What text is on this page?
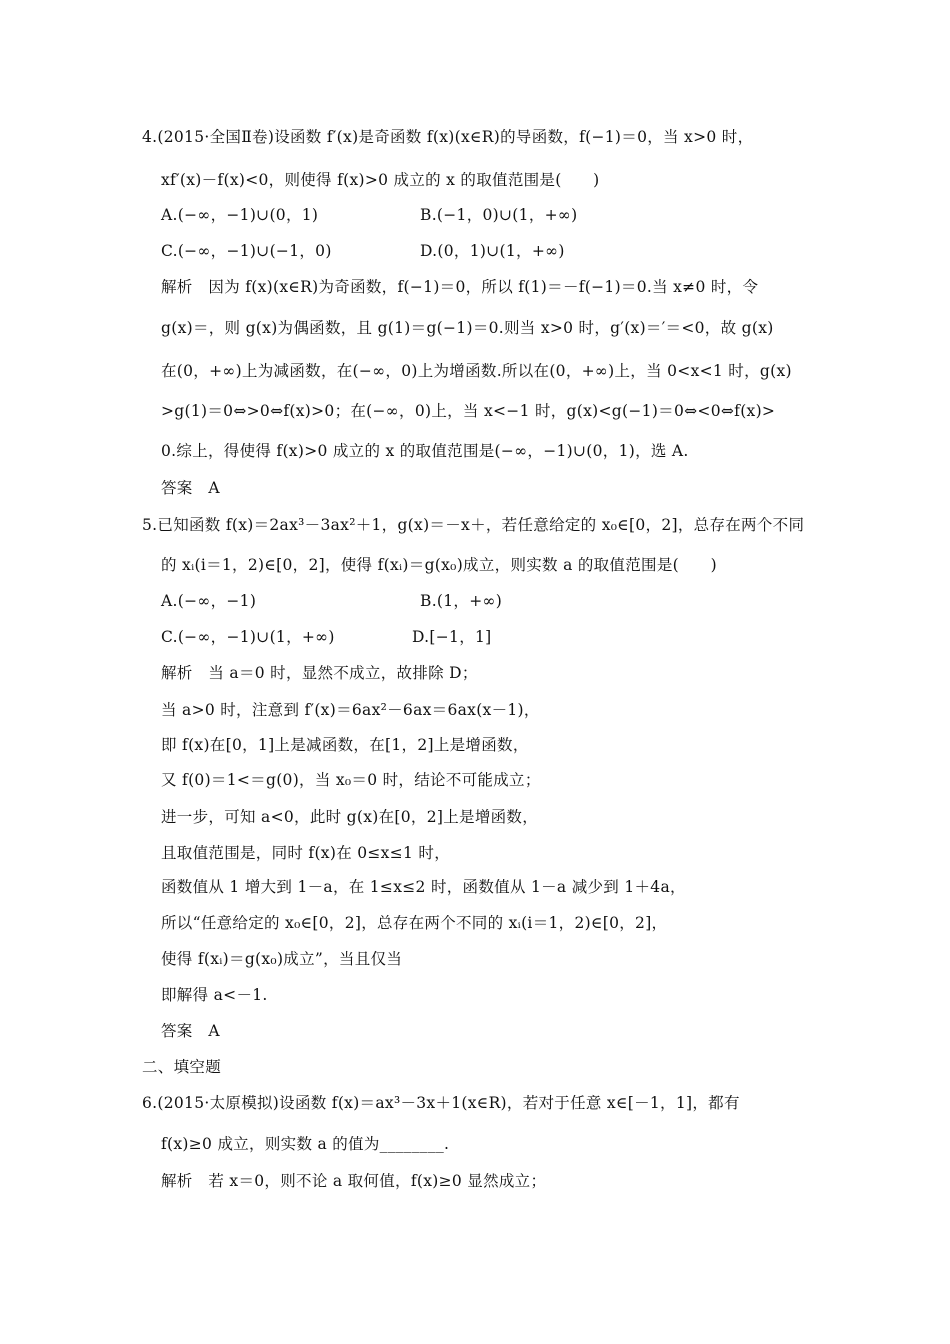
4.(2015·全国Ⅱ卷)设函数 f′(x)是奇函数 f(x)(x∈R)的导函数，f(−1)＝0，当 x>0 时，
xf′(x)－f(x)<0，则使得 f(x)>0 成立的 x 的取值范围是(　　)
A.(−∞，−1)∪(0，1)	B.(−1，0)∪(1，+∞)
C.(−∞，−1)∪(−1，0)	D.(0，1)∪(1，+∞)
解析　因为 f(x)(x∈R)为奇函数，f(−1)＝0，所以 f(1)＝－f(−1)＝0.当 x≠0 时，令
g(x)＝，则 g(x)为偶函数，且 g(1)＝g(−1)＝0.则当 x>0 时，g′(x)＝′＝<0，故 g(x)
在(0，+∞)上为减函数，在(−∞，0)上为增函数.所以在(0，+∞)上，当 0<x<1 时，g(x)
>g(1)＝0⇔>0⇔f(x)>0；在(−∞，0)上，当 x<−1 时，g(x)<g(−1)＝0⇔<0⇔f(x)>
0.综上，得使得 f(x)>0 成立的 x 的取值范围是(−∞，−1)∪(0，1)，选 A.
答案　A
5.已知函数 f(x)＝2ax³－3ax²＋1，g(x)＝－x＋，若任意给定的 x₀∈[0，2]，总存在两个不同
的 xᵢ(i＝1，2)∈[0，2]，使得 f(xᵢ)＝g(x₀)成立，则实数 a 的取值范围是(　　)
A.(−∞，−1)	B.(1，+∞)
C.(−∞，−1)∪(1，+∞)	D.[−1，1]
解析　当 a＝0 时，显然不成立，故排除 D；
当 a>0 时，注意到 f′(x)＝6ax²－6ax＝6ax(x－1)，
即 f(x)在[0，1]上是减函数，在[1，2]上是增函数，
又 f(0)＝1<＝g(0)，当 x₀＝0 时，结论不可能成立；
进一步，可知 a<0，此时 g(x)在[0，2]上是增函数，
且取值范围是，同时 f(x)在 0≤x≤1 时，
函数值从 1 增大到 1－a，在 1≤x≤2 时，函数值从 1－a 减少到 1＋4a，
所以“任意给定的 x₀∈[0，2]，总存在两个不同的 xᵢ(i＝1，2)∈[0，2]，
使得 f(xᵢ)＝g(x₀)成立”，当且仅当
即解得 a<－1.
答案　A
二、填空题
6.(2015·太原模拟)设函数 f(x)＝ax³－3x＋1(x∈R)，若对于任意 x∈[－1，1]，都有
f(x)≥0 成立，则实数 a 的值为________.
解析　若 x＝0，则不论 a 取何值，f(x)≥0 显然成立；
